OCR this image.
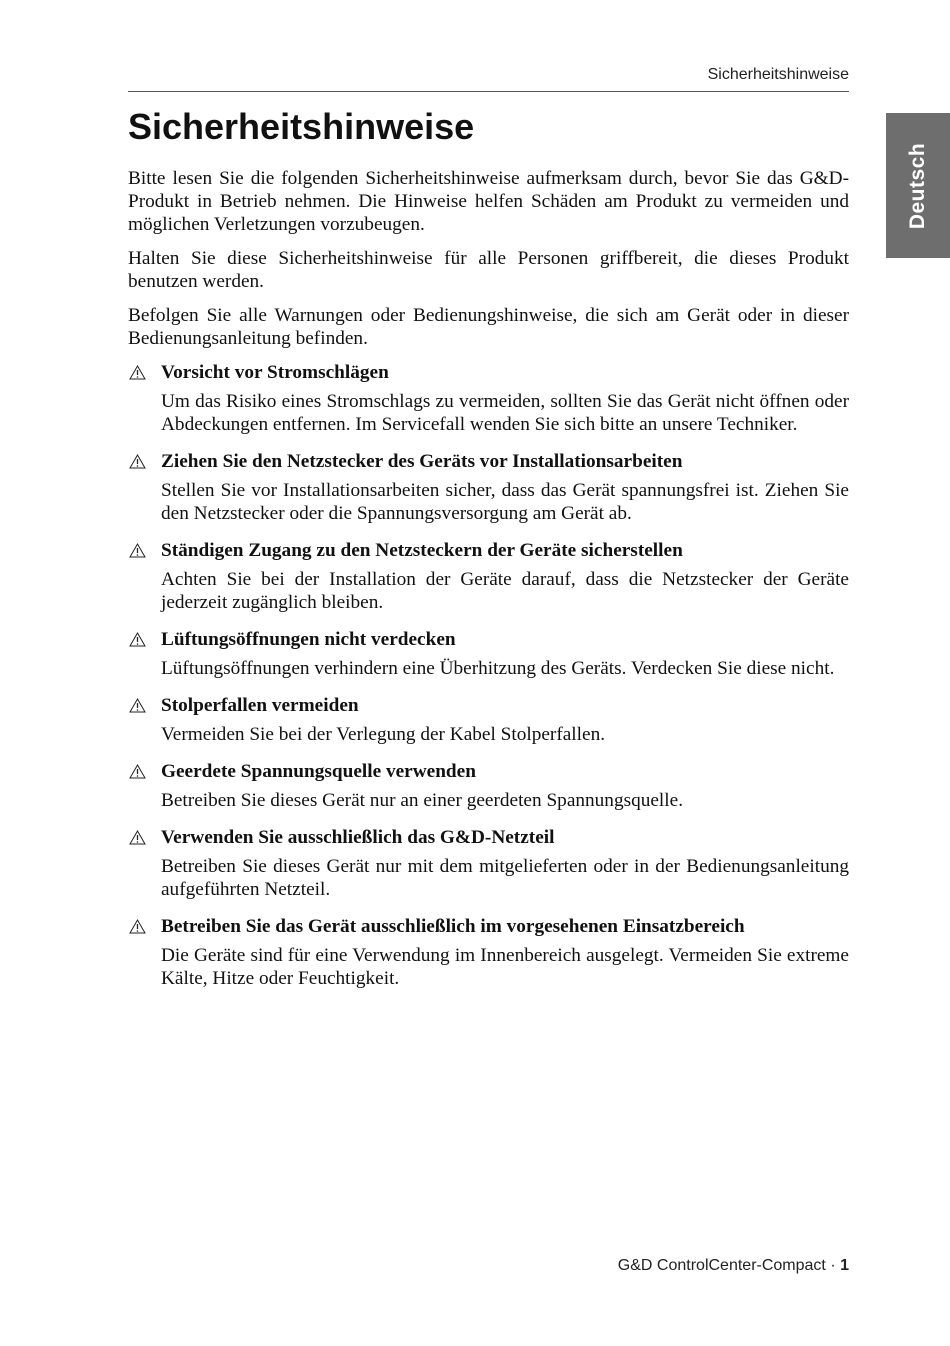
Sicherheitshinweise
Deutsch
Sicherheitshinweise

Bitte lesen Sie die folgenden Sicherheitshinweise aufmerksam durch, bevor Sie das G&D-Produkt in Betrieb nehmen. Die Hinweise helfen Schäden am Produkt zu vermeiden und möglichen Verletzungen vorzubeugen.

Halten Sie diese Sicherheitshinweise für alle Personen griffbereit, die dieses Produkt benutzen werden.

Befolgen Sie alle Warnungen oder Bedienungshinweise, die sich am Gerät oder in dieser Bedienungsanleitung befinden.

Vorsicht vor Stromschlägen

Um das Risiko eines Stromschlags zu vermeiden, sollten Sie das Gerät nicht öffnen oder Abdeckungen entfernen. Im Servicefall wenden Sie sich bitte an unsere Techniker.

Ziehen Sie den Netzstecker des Geräts vor Installationsarbeiten

Stellen Sie vor Installationsarbeiten sicher, dass das Gerät spannungsfrei ist. Ziehen Sie den Netzstecker oder die Spannungsversorgung am Gerät ab.

Ständigen Zugang zu den Netzsteckern der Geräte sicherstellen

Achten Sie bei der Installation der Geräte darauf, dass die Netzstecker der Geräte jederzeit zugänglich bleiben.

Lüftungsöffnungen nicht verdecken

Lüftungsöffnungen verhindern eine Überhitzung des Geräts. Verdecken Sie diese nicht.

Stolperfallen vermeiden

Vermeiden Sie bei der Verlegung der Kabel Stolperfallen.

Geerdete Spannungsquelle verwenden

Betreiben Sie dieses Gerät nur an einer geerdeten Spannungsquelle.

Verwenden Sie ausschließlich das G&D-Netzteil

Betreiben Sie dieses Gerät nur mit dem mitgelieferten oder in der Bedienungsanleitung aufgeführten Netzteil.

Betreiben Sie das Gerät ausschließlich im vorgesehenen Einsatzbereich

Die Geräte sind für eine Verwendung im Innenbereich ausgelegt. Vermeiden Sie extreme Kälte, Hitze oder Feuchtigkeit.

G&D ControlCenter-Compact · 1
